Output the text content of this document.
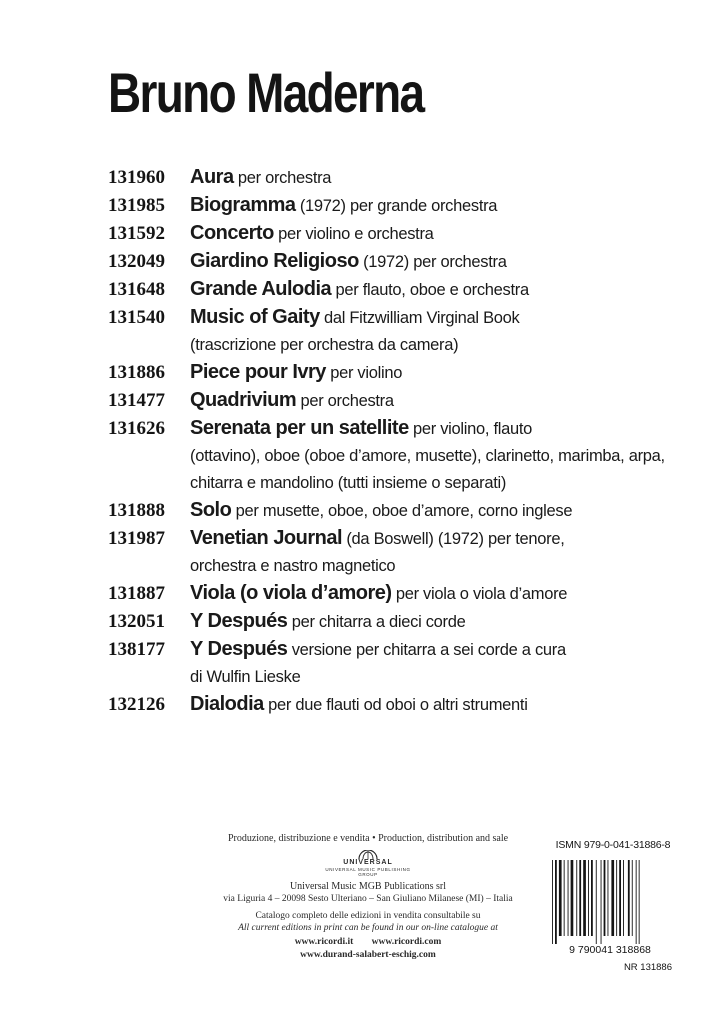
Bruno Maderna
131960	Aura per orchestra
131985	Biogramma (1972) per grande orchestra
131592	Concerto per violino e orchestra
132049	Giardino Religioso (1972) per orchestra
131648	Grande Aulodia per flauto, oboe e orchestra
131540	Music of Gaity dal Fitzwilliam Virginal Book
(trascrizione per orchestra da camera)
131886	Piece pour Ivry per violino
131477	Quadrivium per orchestra
131626	Serenata per un satellite per violino, flauto
(ottavino), oboe (oboe d’amore, musette), clarinetto, marimba, arpa, chitarra e mandolino (tutti insieme o separati)
131888	Solo per musette, oboe, oboe d’amore, corno inglese
131987	Venetian Journal (da Boswell) (1972) per tenore,
orchestra e nastro magnetico
131887	Viola (o viola d’amore) per viola o viola d’amore
132051	Y Después per chitarra a dieci corde
138177	Y Después versione per chitarra a sei corde a cura
di Wulfin Lieske
132126	Dialodia per due flauti od oboi o altri strumenti
Produzione, distribuzione e vendita • Production, distribution and sale
UNIVERSAL
UNIVERSAL MUSIC PUBLISHING GROUP
Universal Music MGB Publications srl
via Liguria 4 – 20098 Sesto Ulteriano – San Giuliano Milanese (MI) – Italia
Catalogo completo delle edizioni in vendita consultabile su
All current editions in print can be found in our on-line catalogue at
www.ricordi.it www.ricordi.com
www.durand-salabert-eschig.com
ISMN 979-0-041-31886-8
9 790041 318868
NR 131886
